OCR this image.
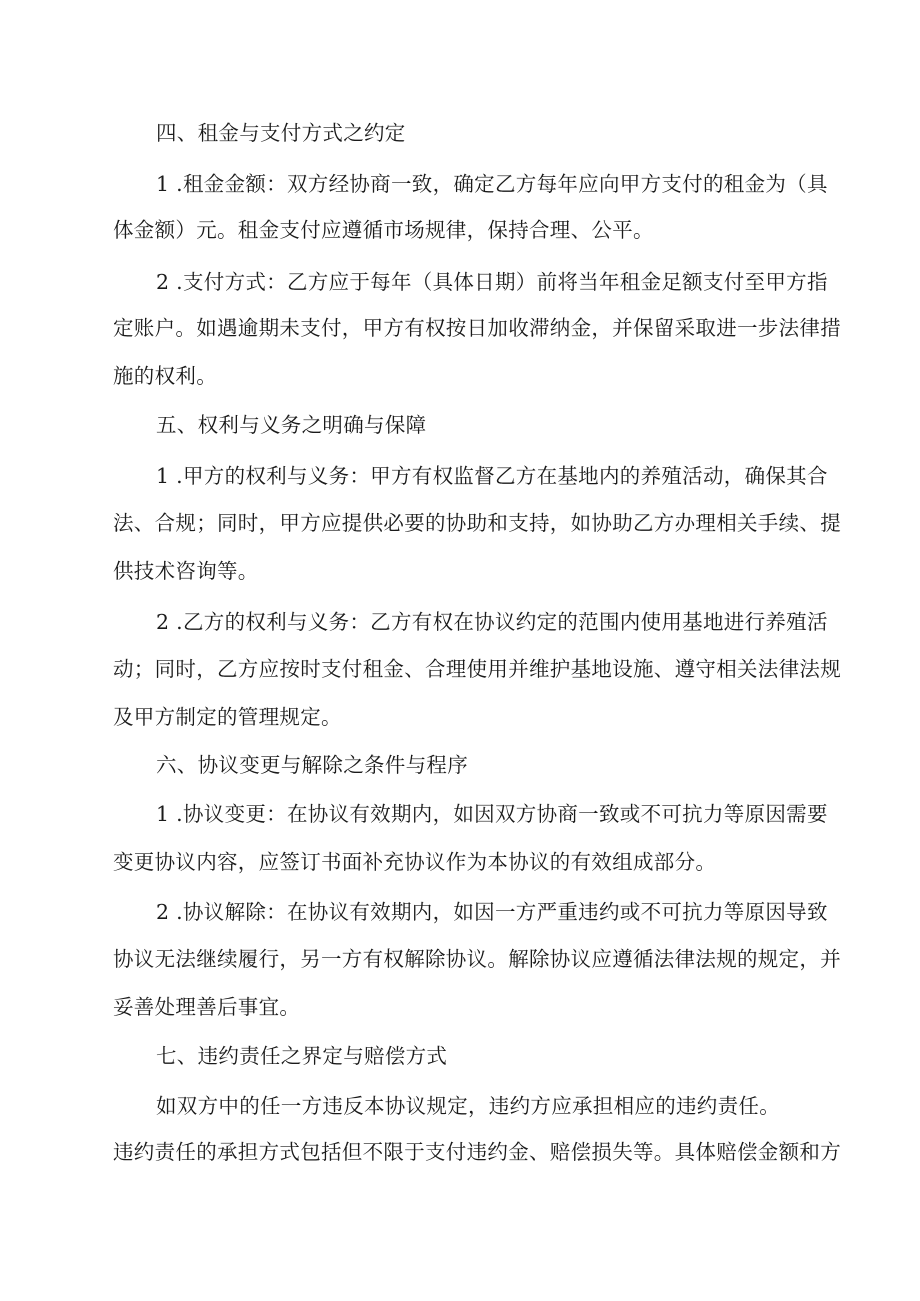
四、租金与支付方式之约定
1 .租金金额：双方经协商一致，确定乙方每年应向甲方支付的租金为（具
体金额）元。租金支付应遵循市场规律，保持合理、公平。
2 .支付方式：乙方应于每年（具体日期）前将当年租金足额支付至甲方指
定账户。如遇逾期未支付，甲方有权按日加收滞纳金，并保留采取进一步法律措
施的权利。
五、权利与义务之明确与保障
1 .甲方的权利与义务：甲方有权监督乙方在基地内的养殖活动，确保其合
法、合规；同时，甲方应提供必要的协助和支持，如协助乙方办理相关手续、提
供技术咨询等。
2 .乙方的权利与义务：乙方有权在协议约定的范围内使用基地进行养殖活
动；同时，乙方应按时支付租金、合理使用并维护基地设施、遵守相关法律法规
及甲方制定的管理规定。
六、协议变更与解除之条件与程序
1 .协议变更：在协议有效期内，如因双方协商一致或不可抗力等原因需要
变更协议内容，应签订书面补充协议作为本协议的有效组成部分。
2 .协议解除：在协议有效期内，如因一方严重违约或不可抗力等原因导致
协议无法继续履行，另一方有权解除协议。解除协议应遵循法律法规的规定，并
妥善处理善后事宜。
七、违约责任之界定与赔偿方式
如双方中的任一方违反本协议规定，违约方应承担相应的违约责任。
违约责任的承担方式包括但不限于支付违约金、赔偿损失等。具体赔偿金额和方
